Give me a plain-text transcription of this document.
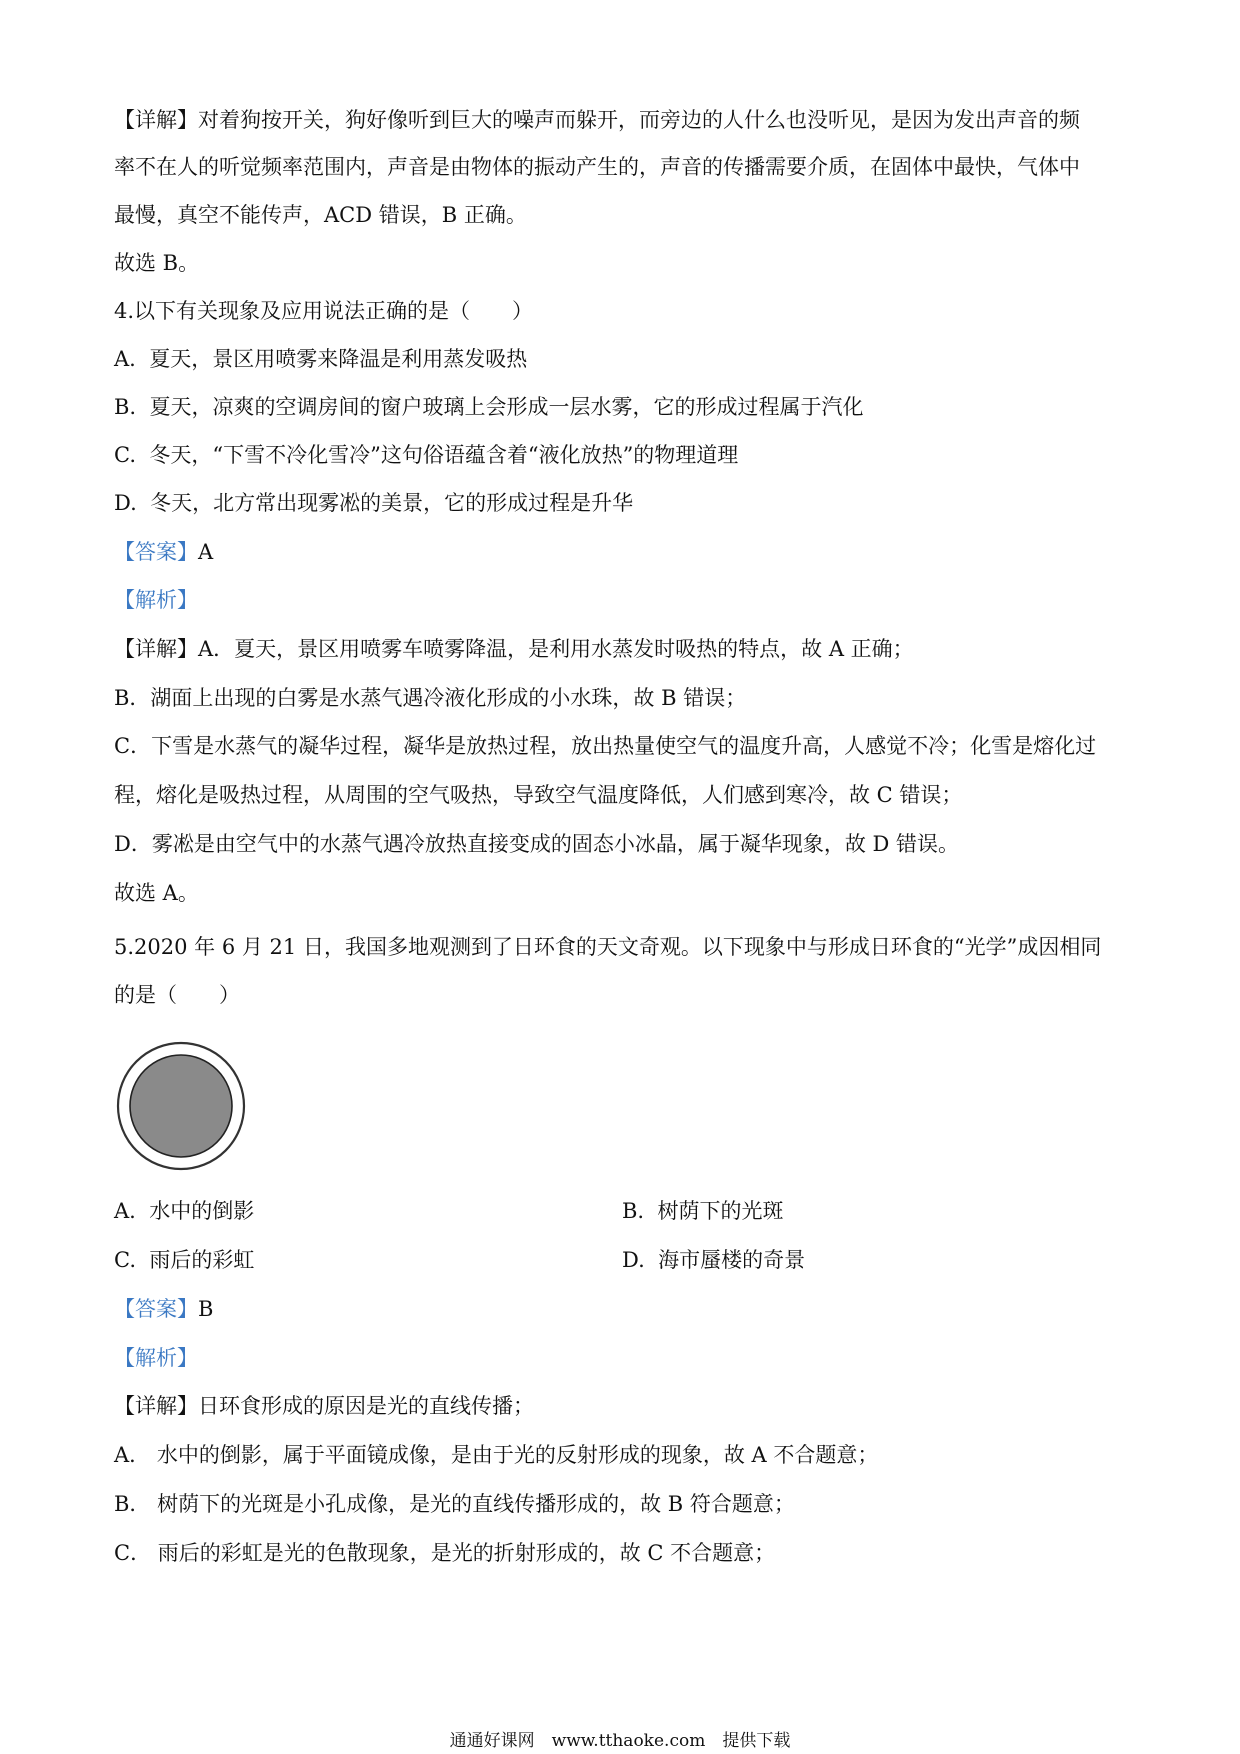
【详解】对着狗按开关，狗好像听到巨大的噪声而躲开，而旁边的人什么也没听见，是因为发出声音的频
率不在人的听觉频率范围内，声音是由物体的振动产生的，声音的传播需要介质，在固体中最快，气体中
最慢，真空不能传声，ACD 错误，B 正确。
故选 B。
4.以下有关现象及应用说法正确的是（　　）
A. 夏天，景区用喷雾来降温是利用蒸发吸热
B. 夏天，凉爽的空调房间的窗户玻璃上会形成一层水雾，它的形成过程属于汽化
C. 冬天，“下雪不冷化雪冷”这句俗语蕴含着“液化放热”的物理道理
D. 冬天，北方常出现雾凇的美景，它的形成过程是升华
【答案】A
【解析】
【详解】A．夏天，景区用喷雾车喷雾降温，是利用水蒸发时吸热的特点，故 A 正确；
B．湖面上出现的白雾是水蒸气遇冷液化形成的小水珠，故 B 错误；
C．下雪是水蒸气的凝华过程，凝华是放热过程，放出热量使空气的温度升高，人感觉不冷；化雪是熔化过
程，熔化是吸热过程，从周围的空气吸热，导致空气温度降低，人们感到寒冷，故 C 错误；
D．雾凇是由空气中的水蒸气遇冷放热直接变成的固态小冰晶，属于凝华现象，故 D 错误。
故选 A。
5.2020 年 6 月 21 日，我国多地观测到了日环食的天文奇观。以下现象中与形成日环食的“光学”成因相同
的是（　　）
A. 水中的倒影	B. 树荫下的光斑
C. 雨后的彩虹	D. 海市蜃楼的奇景
【答案】B
【解析】
【详解】日环食形成的原因是光的直线传播；
A． 水中的倒影，属于平面镜成像，是由于光的反射形成的现象，故 A 不合题意；
B． 树荫下的光斑是小孔成像，是光的直线传播形成的，故 B 符合题意；
C． 雨后的彩虹是光的色散现象，是光的折射形成的，故 C 不合题意；
通通好课网　www.tthaoke.com　提供下载
